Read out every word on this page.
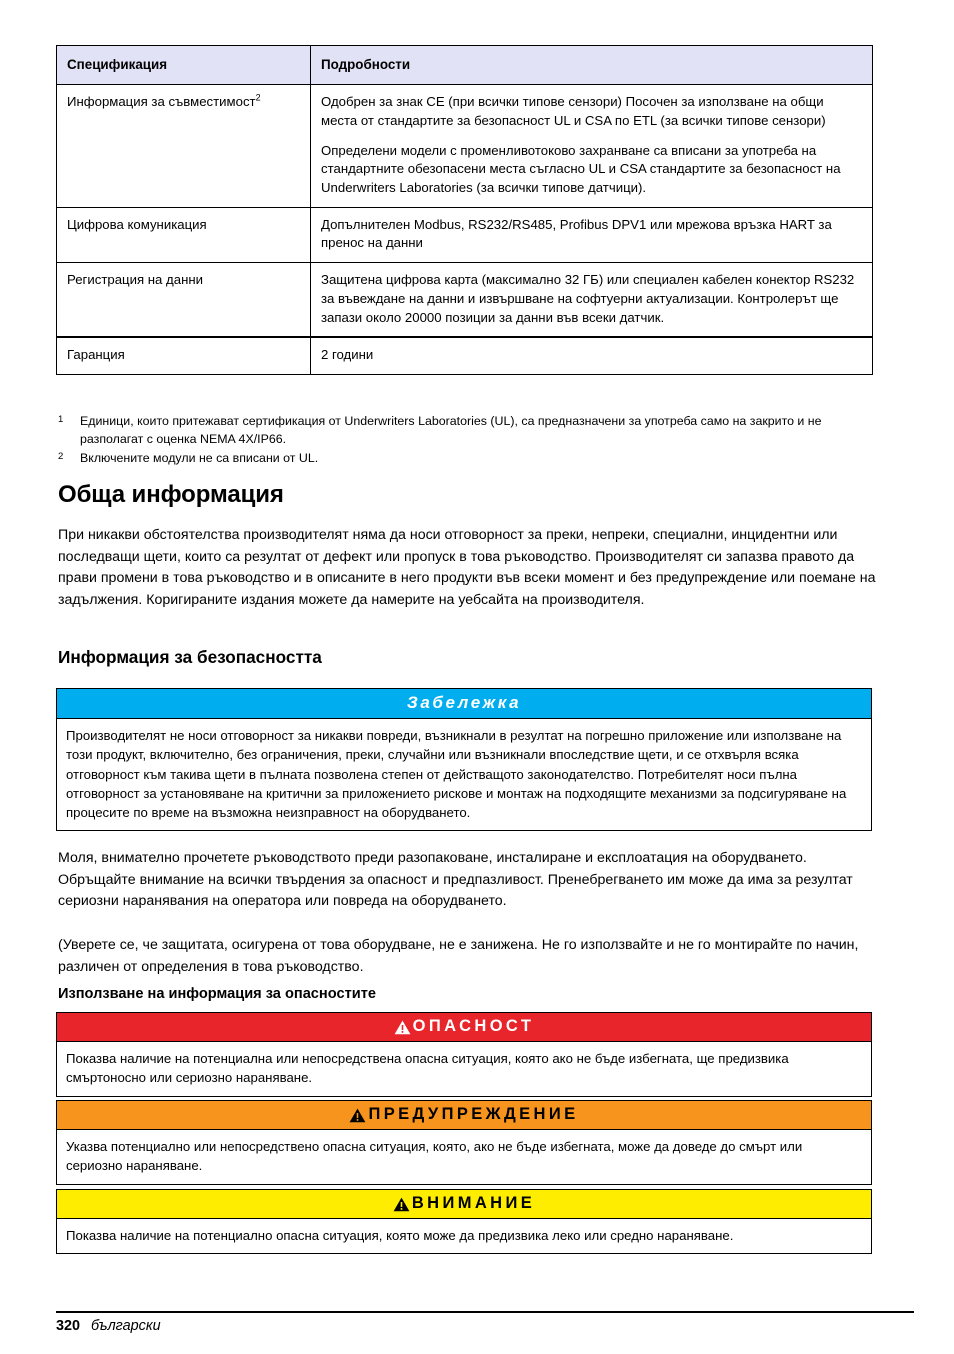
Спецификация	Подробности
Информация за съвместимост$^2$	Одобрен за знак CE (при всички типове сензори) Посочен за използване на общи места от стандартите за безопасност UL и CSA по ETL (за всички типове сензори)

Определени модели с променливотоково захранване са вписани за употреба на стандартните обезопасени места съгласно UL и CSA стандартите за безопасност на Underwriters Laboratories (за всички типове датчици).

Цифрова комуникация	Допълнителен Modbus, RS232/RS485, Profibus DPV1 или мрежова връзка HART за пренос на данни

Регистрация на данни	Защитена цифрова карта (максимално 32 ГБ) или специален кабелен конектор RS232 за въвеждане на данни и извършване на софтуерни актуализации. Контролерът ще запази около 20000 позиции за данни във всеки датчик.

Гаранция	2 години

1	Единици, които притежават сертификация от Underwriters Laboratories (UL), са предназначени за употреба само на закрито и не разполагат с оценка NEMA 4X/IP66.
2	Включените модули не са вписани от UL.
Обща информация
При никакви обстоятелства производителят няма да носи отговорност за преки, непреки, специални, инцидентни или последващи щети, които са резултат от дефект или пропуск в това ръководство. Производителят си запазва правото да прави промени в това ръководство и в описаните в него продукти във всеки момент и без предупреждение или поемане на задължения. Коригираните издания можете да намерите на уебсайта на производителя.
Информация за безопасността
Забележка
Производителят не носи отговорност за никакви повреди, възникнали в резултат на погрешно приложение или използване на този продукт, включително, без ограничения, преки, случайни или възникнали впоследствие щети, и се отхвърля всяка отговорност към такива щети в пълната позволена степен от действащото законодателство. Потребителят носи пълна отговорност за установяване на критични за приложението рискове и монтаж на подходящите механизми за подсигуряване на процесите по време на възможна неизправност на оборудването.
Моля, внимателно прочетете ръководството преди разопаковане, инсталиране и експлоатация на оборудването. Обръщайте внимание на всички твърдения за опасност и предпазливост. Пренебрегването им може да има за резултат сериозни наранявания на оператора или повреда на оборудването.
(Уверете се, че защитата, осигурена от това оборудване, не е занижена. Не го използвайте и не го монтирайте по начин, различен от определения в това ръководство.
Използване на информация за опасностите
ОПАСНОСТ
Показва наличие на потенциална или непосредствена опасна ситуация, която ако не бъде избегната, ще предизвика смъртоносно или сериозно нараняване.
ПРЕДУПРЕЖДЕНИЕ
Указва потенциално или непосредствено опасна ситуация, която, ако не бъде избегната, може да доведе до смърт или сериозно нараняване.
ВНИМАНИЕ
Показва наличие на потенциално опасна ситуация, която може да предизвика леко или средно нараняване.
320 български
